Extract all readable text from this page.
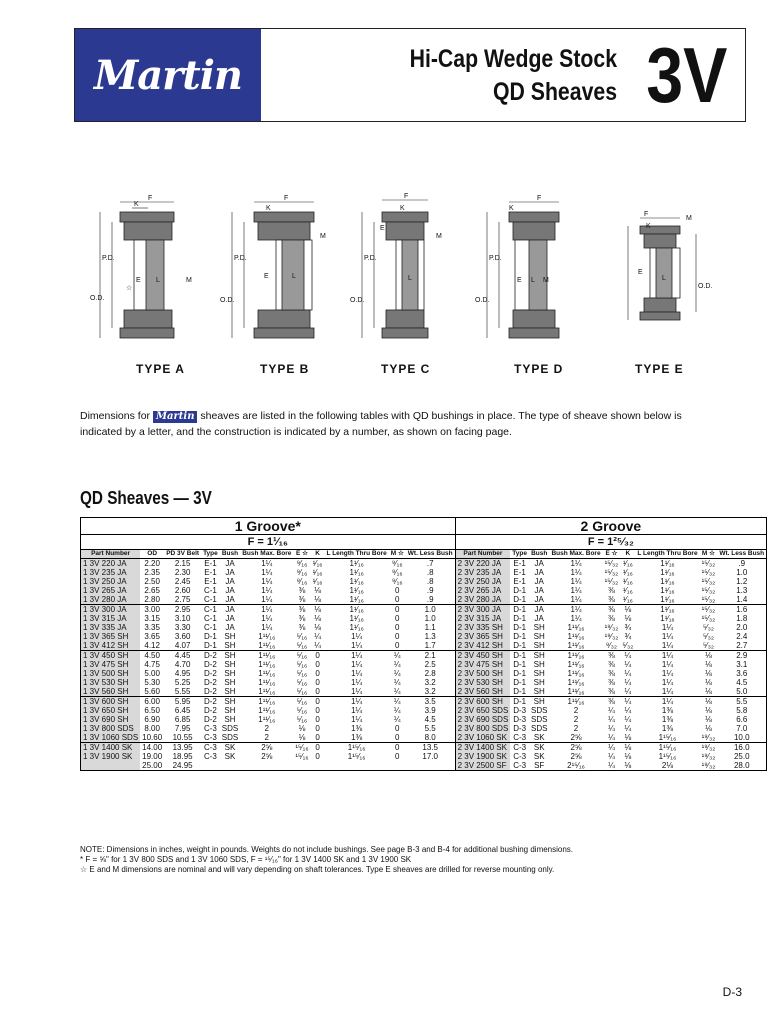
Martin	Hi-Cap Wedge Stock
QD Sheaves 3V
F
K
P.D.
O.D.
E L	M
☆
F
K
P.D.
O.D.
E	L
M
F
K
P.D.
O.D.
E
L
M
F
K
P.D.
O.D.
E L M
F
K
M
E
L
O.D.
TYPE A	TYPE B	TYPE C	TYPE D	TYPE E
Dimensions for Martin sheaves are listed in the following tables with QD bushings in place. The type of sheave shown below is indicated by a letter, and the construction is indicated by a number, as shown on facing page.
QD Sheaves — 3V
1 Groove*											2 Groove								
F = 1¹⁄₁₆											F = 1²⁵⁄₃₂								
Part Number	OD	PD 3V Belt	Type	Bush	Bush Max. Bore	E ☆	K	L Length Thru Bore	M ☆	Wt. Less Bush	Part Number	Type	Bush	Bush Max. Bore	E ☆	K	L Length Thru Bore	M ☆	Wt. Less Bush
1 3V 220 JA	2.20	2.15	E-1	JA	1¼	⁹⁄₁₆	¹⁄₁₆	1¹⁄₁₆	⁹⁄₁₆	.7	2 3V 220 JA	E-1	JA	1¼	¹⁵⁄₃₂	¹⁄₁₆	1¹⁄₁₆	¹⁵⁄₃₂	.9
1 3V 235 JA	2.35	2.30	E-1	JA	1¼	⁹⁄₁₆	¹⁄₁₆	1¹⁄₁₆	⁹⁄₁₆	.8	2 3V 235 JA	E-1	JA	1¼	¹⁵⁄₃₂	¹⁄₁₆	1¹⁄₁₆	¹⁵⁄₃₂	1.0
1 3V 250 JA	2.50	2.45	E-1	JA	1¼	⁹⁄₁₆	¹⁄₁₆	1¹⁄₁₆	⁹⁄₁₆	.8	2 3V 250 JA	E-1	JA	1¼	¹⁵⁄₃₂	¹⁄₁₆	1¹⁄₁₆	¹⁵⁄₃₂	1.2
1 3V 265 JA	2.65	2.60	C-1	JA	1¼	⅜	⅛	1¹⁄₁₆	0	.9	2 3V 265 JA	D-1	JA	1¼	⅜	¹⁄₁₆	1¹⁄₁₆	¹⁵⁄₃₂	1.3
1 3V 280 JA	2.80	2.75	C-1	JA	1¼	⅜	⅛	1¹⁄₁₆	0	.9	2 3V 280 JA	D-1	JA	1¼	⅜	¹⁄₁₆	1¹⁄₁₆	¹⁵⁄₃₂	1.4
1 3V 300 JA	3.00	2.95	C-1	JA	1¼	⅜	⅛	1¹⁄₁₆	0	1.0	2 3V 300 JA	D-1	JA	1¼	⅜	⅛	1¹⁄₁₆	¹⁵⁄₃₂	1.6
1 3V 315 JA	3.15	3.10	C-1	JA	1¼	⅜	⅛	1¹⁄₁₆	0	1.0	2 3V 315 JA	D-1	JA	1¼	⅜	⅛	1¹⁄₁₆	¹⁵⁄₃₂	1.8
1 3V 335 JA	3.35	3.30	C-1	JA	1¼	⅜	⅛	1¹⁄₁₆	0	1.1	2 3V 335 SH	D-1	SH	1¹¹⁄₁₆	¹⁹⁄₃₂	¾	1¼	⁵⁄₃₂	2.0
1 3V 365 SH	3.65	3.60	D-1	SH	1¹¹⁄₁₆	⁵⁄₁₆	¼	1¼	0	1.3	2 3V 365 SH	D-1	SH	1¹¹⁄₁₆	¹⁹⁄₃₂	¾	1¼	⁵⁄₃₂	2.4
1 3V 412 SH	4.12	4.07	D-1	SH	1¹¹⁄₁₆	⁵⁄₁₆	¼	1¼	0	1.7	2 3V 412 SH	D-1	SH	1¹¹⁄₁₆	⁹⁄₃₂	⁵⁄₃₂	1¼	⁵⁄₃₂	2.7
1 3V 450 SH	4.50	4.45	D-2	SH	1¹¹⁄₁₆	⁵⁄₁₆	0	1¼	¼	2.1	2 3V 450 SH	D-1	SH	1¹¹⁄₁₆	⅜	¼	1¼	⅛	2.9
1 3V 475 SH	4.75	4.70	D-2	SH	1¹¹⁄₁₆	⁵⁄₁₆	0	1¼	¼	2.5	2 3V 475 SH	D-1	SH	1¹¹⁄₁₆	⅜	¼	1¼	⅛	3.1
1 3V 500 SH	5.00	4.95	D-2	SH	1¹¹⁄₁₆	⁵⁄₁₆	0	1¼	¼	2.8	2 3V 500 SH	D-1	SH	1¹¹⁄₁₆	⅜	¼	1¼	⅛	3.6
1 3V 530 SH	5.30	5.25	D-2	SH	1¹¹⁄₁₆	⁵⁄₁₆	0	1¼	¼	3.2	2 3V 530 SH	D-1	SH	1¹¹⁄₁₆	⅜	¼	1¼	⅛	4.5
1 3V 560 SH	5.60	5.55	D-2	SH	1¹¹⁄₁₆	⁵⁄₁₆	0	1¼	¼	3.2	2 3V 560 SH	D-1	SH	1¹¹⁄₁₆	⅜	¼	1¼	⅛	5.0
1 3V 600 SH	6.00	5.95	D-2	SH	1¹¹⁄₁₆	⁵⁄₁₆	0	1¼	¼	3.5	2 3V 600 SH	D-1	SH	1¹¹⁄₁₆	⅜	¼	1¼	⅛	5.5
1 3V 650 SH	6.50	6.45	D-2	SH	1¹¹⁄₁₆	⁵⁄₁₆	0	1¼	¼	3.9	2 3V 650 SDS	D-3	SDS	2	¼	¼	1⅜	⅛	5.8
1 3V 690 SH	6.90	6.85	D-2	SH	1¹¹⁄₁₆	⁵⁄₁₆	0	1¼	¼	4.5	2 3V 690 SDS	D-3	SDS	2	¼	¼	1⅜	⅛	6.6
1 3V 800 SDS	8.00	7.95	C-3	SDS	2	⅛	0	1⅜	0	5.5	2 3V 800 SDS	D-3	SDS	2	¼	¼	1⅜	⅛	7.0
1 3V 1060 SDS	10.60	10.55	C-3	SDS	2	⅛	0	1⅜	0	8.0	2 3V 1060 SK	C-3	SK	2⅝	¼	⅛	1¹⁵⁄₁₆	¹⁹⁄₃₂	10.0
1 3V 1400 SK	14.00	13.95	C-3	SK	2⅝	¹⁵⁄₁₆	0	1¹⁵⁄₁₆	0	13.5	2 3V 1400 SK	C-3	SK	2⅝	¼	⅛	1¹⁵⁄₁₆	¹⁹⁄₃₂	16.0
1 3V 1900 SK	19.00	18.95	C-3	SK	2⅝	¹⁵⁄₁₆	0	1¹⁵⁄₁₆	0	17.0	2 3V 1900 SK	C-3	SK	2⅝	¼	⅛	1¹⁵⁄₁₆	¹⁹⁄₃₂	25.0
	25.00	24.95									2 3V 2500 SF	C-3	SF	2¹⁵⁄₁₆	¼	⅛	2⅛	¹⁹⁄₃₂	28.0
NOTE: Dimensions in inches, weight in pounds. Weights do not include bushings. See page B-3 and B-4 for additional bushing dimensions.
* F = ⅝" for 1 3V 800 SDS and 1 3V 1060 SDS, F = ¹⁵⁄₁₆" for 1 3V 1400 SK and 1 3V 1900 SK
☆ E and M dimensions are nominal and will vary depending on shaft tolerances. Type E sheaves are drilled for reverse mounting only.
D-3
